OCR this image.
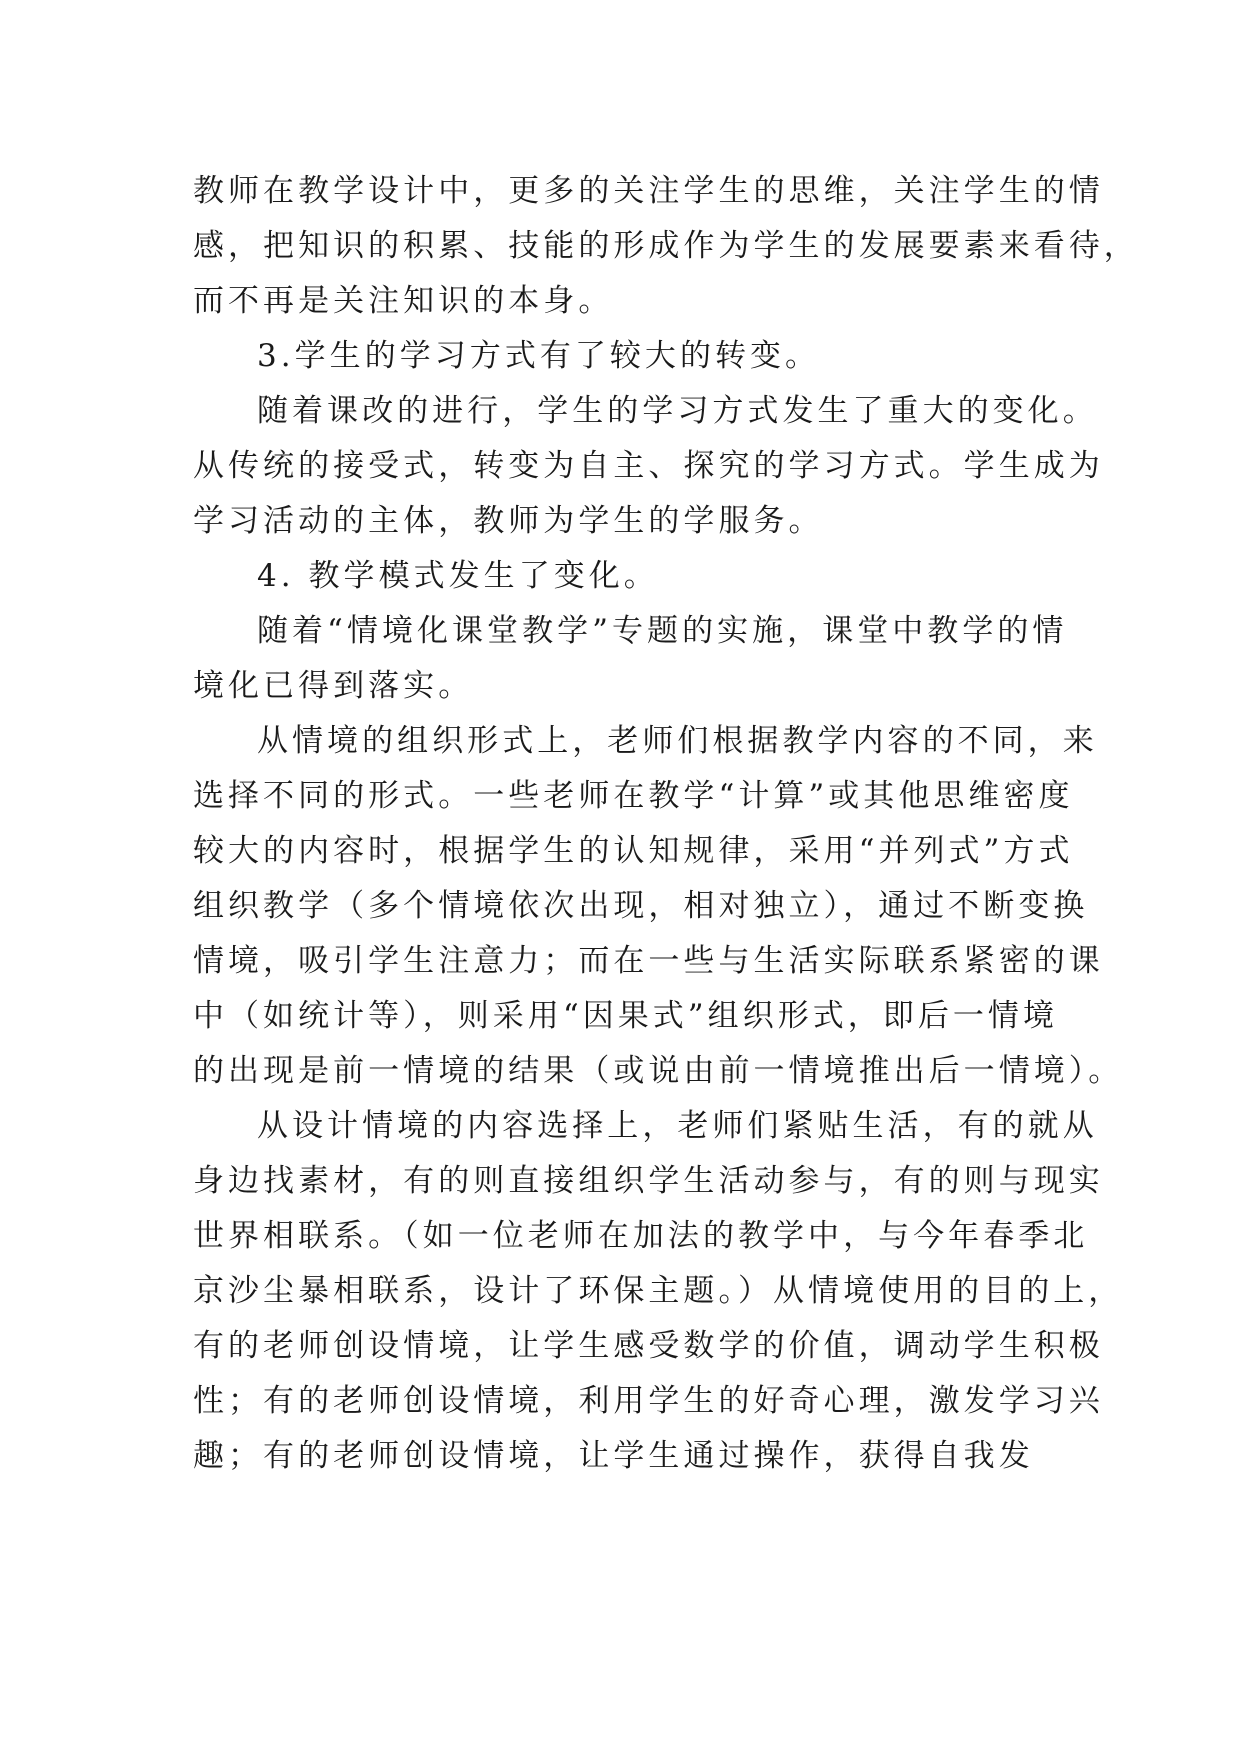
教师在教学设计中，更多的关注学生的思维，关注学生的情
感，把知识的积累、技能的形成作为学生的发展要素来看待，
而不再是关注知识的本身。
3.学生的学习方式有了较大的转变。
随着课改的进行，学生的学习方式发生了重大的变化。
从传统的接受式，转变为自主、探究的学习方式。学生成为
学习活动的主体，教师为学生的学服务。
4. 教学模式发生了变化。
随着“情境化课堂教学”专题的实施，课堂中教学的情
境化已得到落实。
从情境的组织形式上，老师们根据教学内容的不同，来
选择不同的形式。一些老师在教学“计算”或其他思维密度
较大的内容时，根据学生的认知规律，采用“并列式”方式
组织教学（多个情境依次出现，相对独立），通过不断变换
情境，吸引学生注意力；而在一些与生活实际联系紧密的课
中（如统计等），则采用“因果式”组织形式，即后一情境
的出现是前一情境的结果（或说由前一情境推出后一情境）。
从设计情境的内容选择上，老师们紧贴生活，有的就从
身边找素材，有的则直接组织学生活动参与，有的则与现实
世界相联系。（如一位老师在加法的教学中，与今年春季北
京沙尘暴相联系，设计了环保主题。）从情境使用的目的上，
有的老师创设情境，让学生感受数学的价值，调动学生积极
性；有的老师创设情境，利用学生的好奇心理，激发学习兴
趣；有的老师创设情境，让学生通过操作，获得自我发
